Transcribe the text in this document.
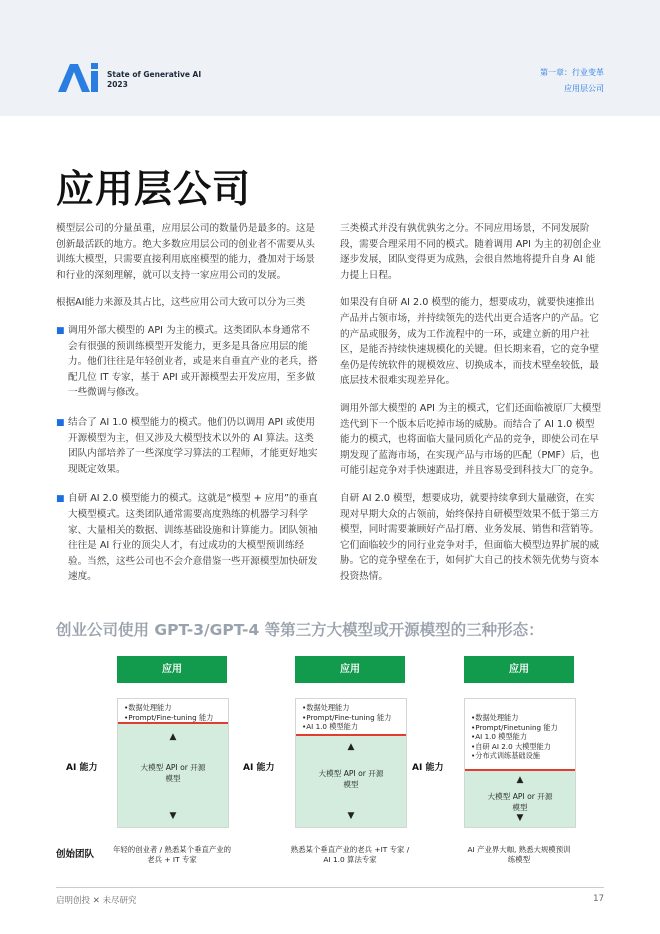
State of Generative AI
2023
第一章：行业变革
应用层公司
应用层公司

模型层公司的分量虽重，应用层公司的数量仍是最多的。这是创新最活跃的地方。绝大多数应用层公司的创业者不需要从头训练大模型，只需要直接利用底座模型的能力，叠加对于场景和行业的深刻理解，就可以支持一家应用公司的发展。

根据AI能力来源及其占比，这些应用公司大致可以分为三类

■ 调用外部大模型的 API 为主的模式。这类团队本身通常不会有很强的预训练模型开发能力，更多是具备应用层的能力。他们往往是年轻创业者，或是来自垂直产业的老兵，搭配几位 IT 专家，基于 API 或开源模型去开发应用，至多做一些微调与修改。
■ 结合了 AI 1.0 模型能力的模式。他们仍以调用 API 或使用开源模型为主，但又涉及大模型技术以外的 AI 算法。这类团队内部培养了一些深度学习算法的工程师，才能更好地实现既定效果。
■ 自研 AI 2.0 模型能力的模式。这就是“模型 + 应用”的垂直大模型模式。这类团队通常需要高度熟练的机器学习科学家、大量相关的数据、训练基础设施和计算能力。团队领袖往往是 AI 行业的顶尖人才，有过成功的大模型预训练经验。当然，这些公司也不会介意借鉴一些开源模型加快研发速度。

三类模式并没有孰优孰劣之分。不同应用场景，不同发展阶段，需要合理采用不同的模式。随着调用 API 为主的初创企业逐步发展，团队变得更为成熟，会很自然地将提升自身 AI 能力提上日程。

如果没有自研 AI 2.0 模型的能力，想要成功，就要快速推出产品并占领市场，并持续领先的迭代出更合适客户的产品。它的产品或服务，成为工作流程中的一环，或建立新的用户社区，是能否持续快速规模化的关键。但长期来看，它的竞争壁垒仍是传统软件的规模效应、切换成本，而技术壁垒较低，最底层技术很难实现差异化。

调用外部大模型的 API 为主的模式，它们还面临被原厂大模型迭代到下一个版本后吃掉市场的威胁。而结合了 AI 1.0 模型能力的模式，也将面临大量同质化产品的竞争，即使公司在早期发现了蓝海市场，在实现产品与市场的匹配（PMF）后，也可能引起竞争对手快速跟进，并且容易受到科技大厂的竞争。

自研 AI 2.0 模型，想要成功，就要持续拿到大量融资，在实现对早期大众的占领前，始终保持自研模型效果不低于第三方模型，同时需要兼顾好产品打磨、业务发展、销售和营销等。它们面临较少的同行业竞争对手，但面临大模型边界扩展的威胁。它的竞争壁垒在于，如何扩大自己的技术领先优势与资本投资热情。

创业公司使用 GPT-3/GPT-4 等第三方大模型或开源模型的三种形态：
应用
• 数据处理能力
• Prompt/Fine-tuning 能力
▲
大模型 API or 开源模型
▼
AI 能力
年轻的创业者 / 熟悉某个垂直产业的老兵 + IT 专家
应用
• 数据处理能力
• Prompt/Fine-tuning 能力
• AI 1.0 模型能力
▲
大模型 API or 开源模型
▼
AI 能力
熟悉某个垂直产业的老兵 +IT 专家 / AI 1.0 算法专家
应用
• 数据处理能力
• Prompt/Finetuning 能力
• AI 1.0 模型能力
• 自研 AI 2.0 大模型能力
• 分布式训练基础设施
▲
大模型 API or 开源模型
▼
AI 能力
AI 产业界大咖, 熟悉大规模预训练模型
创始团队
启明创投 ✕ 未尽研究	17
